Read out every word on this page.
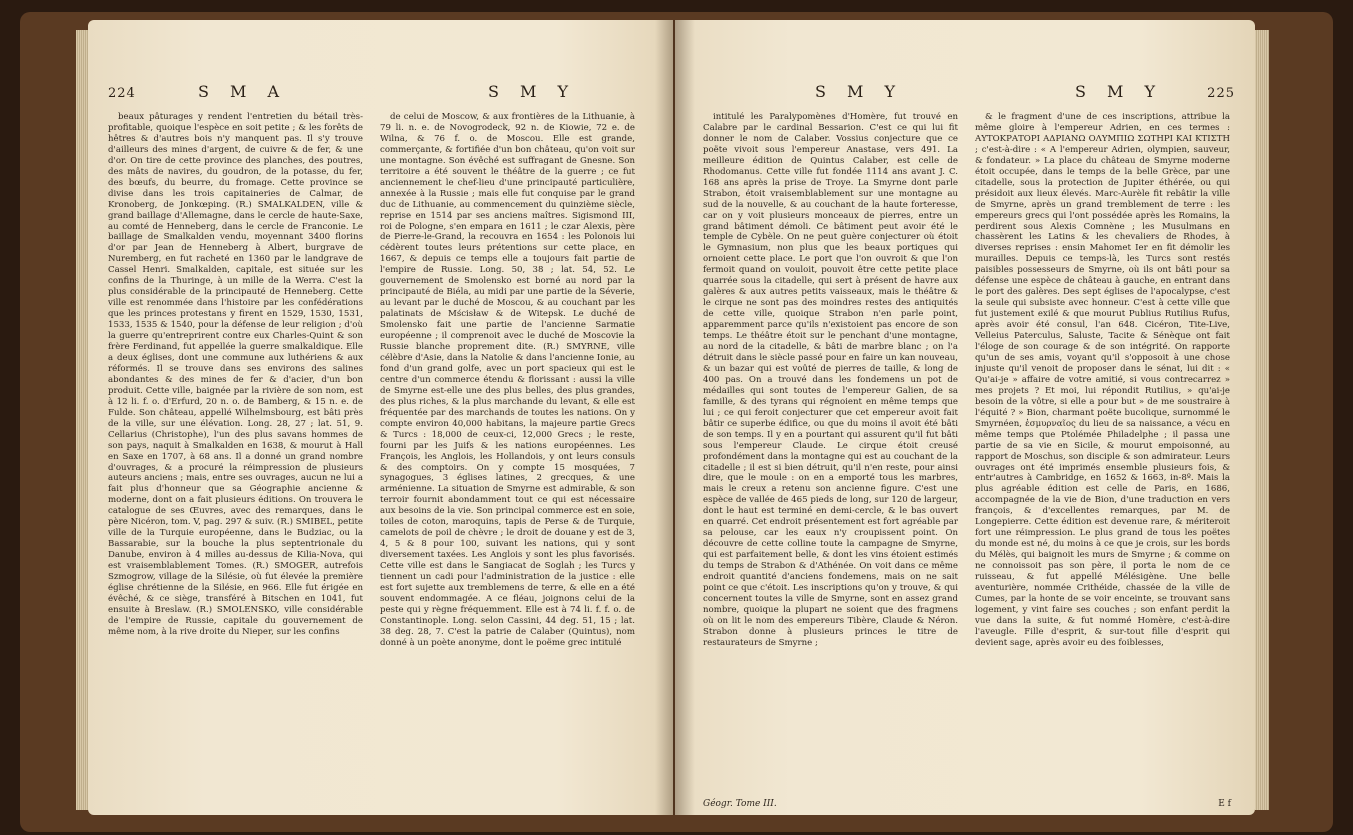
224	S M A	S M Y

beaux pâturages y rendent l'entretien du bétail très-profitable, quoique l'espèce en soit petite ; & les forêts de hêtres & d'autres bois n'y manquent pas. Il s'y trouve d'ailleurs des mines d'argent, de cuivre & de fer, & une d'or. On tire de cette province des planches, des poutres, des mâts de navires, du goudron, de la potasse, du fer, des bœufs, du beurre, du fromage. Cette province se divise dans les trois capitaineries de Calmar, de Kronoberg, de Jonkœping. (R.) SMALKALDEN, ville & grand baillage d'Allemagne, dans le cercle de haute-Saxe, au comté de Henneberg, dans le cercle de Franconie. Le baillage de Smalkalden vendu, moyennant 3400 florins d'or par Jean de Henneberg à Albert, burgrave de Nuremberg, en fut racheté en 1360 par le landgrave de Cassel Henri. Smalkalden, capitale, est située sur les confins de la Thuringe, à un mille de la Werra. C'est la plus considérable de la principauté de Henneberg. Cette ville est renommée dans l'histoire par les confédérations que les princes protestans y firent en 1529, 1530, 1531, 1533, 1535 & 1540, pour la défense de leur religion ; d'où la guerre qu'entreprirent contre eux Charles-Quint & son frère Ferdinand, fut appellée la guerre smalkaldique. Elle a deux églises, dont une commune aux luthériens & aux réformés. Il se trouve dans ses environs des salines abondantes & des mines de fer & d'acier, d'un bon produit. Cette ville, baignée par la rivière de son nom, est à 12 li. f. o. d'Erfurd, 20 n. o. de Bamberg, & 15 n. e. de Fulde. Son château, appellé Wilhelmsbourg, est bâti près de la ville, sur une élévation. Long. 28, 27 ; lat. 51, 9. Cellarius (Christophe), l'un des plus savans hommes de son pays, naquit à Smalkalden en 1638, & mourut à Hall en Saxe en 1707, à 68 ans. Il a donné un grand nombre d'ouvrages, & a procuré la réimpression de plusieurs auteurs anciens ; mais, entre ses ouvrages, aucun ne lui a fait plus d'honneur que sa Géographie ancienne & moderne, dont on a fait plusieurs éditions. On trouvera le catalogue de ses Œuvres, avec des remarques, dans le père Nicéron, tom. V, pag. 297 & suiv. (R.) SMIBEL, petite ville de la Turquie européenne, dans le Budziac, ou la Bassarabie, sur la bouche la plus septentrionale du Danube, environ à 4 milles au-dessus de Kilia-Nova, qui est vraisemblablement Tomes. (R.) SMOGER, autrefois Szmogrow, village de la Silésie, où fut élevée la première église chrétienne de la Silésie, en 966. Elle fut érigée en évêché, & ce siège, transféré à Bitschen en 1041, fut ensuite à Breslaw. (R.) SMOLENSKO, ville considérable de l'empire de Russie, capitale du gouvernement de même nom, à la rive droite du Nieper, sur les confins

de celui de Moscow, & aux frontières de la Lithuanie, à 79 li. n. e. de Novogrodeck, 92 n. de Kiowie, 72 e. de Wilna, & 76 f. o. de Moscou. Elle est grande, commerçante, & fortifiée d'un bon château, qu'on voit sur une montagne. Son évêché est suffragant de Gnesne. Son territoire a été souvent le théâtre de la guerre ; ce fut anciennement le chef-lieu d'une principauté particulière, annexée à la Russie ; mais elle fut conquise par le grand duc de Lithuanie, au commencement du quinzième siècle, reprise en 1514 par ses anciens maîtres. Sigismond III, roi de Pologne, s'en empara en 1611 ; le czar Alexis, père de Pierre-le-Grand, la recouvra en 1654 : les Polonois lui cédèrent toutes leurs prétentions sur cette place, en 1667, & depuis ce temps elle a toujours fait partie de l'empire de Russie. Long. 50, 38 ; lat. 54, 52. Le gouvernement de Smolensko est borné au nord par la principauté de Biéla, au midi par une partie de la Séverie, au levant par le duché de Moscou, & au couchant par les palatinats de Mścisław & de Witepsk. Le duché de Smolensko fait une partie de l'ancienne Sarmatie européenne ; il comprenoit avec le duché de Moscovie la Russie blanche proprement dite. (R.) SMYRNE, ville célèbre d'Asie, dans la Natolie & dans l'ancienne Ionie, au fond d'un grand golfe, avec un port spacieux qui est le centre d'un commerce étendu & florissant : aussi la ville de Smyrne est-elle une des plus belles, des plus grandes, des plus riches, & la plus marchande du levant, & elle est fréquentée par des marchands de toutes les nations. On y compte environ 40,000 habitans, la majeure partie Grecs & Turcs : 18,000 de ceux-ci, 12,000 Grecs ; le reste, fourni par les Juifs & les nations européennes. Les François, les Anglois, les Hollandois, y ont leurs consuls & des comptoirs. On y compte 15 mosquées, 7 synagogues, 3 églises latines, 2 grecques, & une arménienne. La situation de Smyrne est admirable, & son terroir fournit abondamment tout ce qui est nécessaire aux besoins de la vie. Son principal commerce est en soie, toiles de coton, maroquins, tapis de Perse & de Turquie, camelots de poil de chèvre ; le droit de douane y est de 3, 4, 5 & 8 pour 100, suivant les nations, qui y sont diversement taxées. Les Anglois y sont les plus favorisés. Cette ville est dans le Sangiacat de Soglah ; les Turcs y tiennent un cadi pour l'administration de la justice : elle est fort sujette aux tremblemens de terre, & elle en a été souvent endommagée. A ce fléau, joignons celui de la peste qui y règne fréquemment. Elle est à 74 li. f. f. o. de Constantinople. Long. selon Cassini, 44 deg. 51, 15 ; lat. 38 deg. 28, 7. C'est la patrie de Calaber (Quintus), nom donné à un poète anonyme, dont le poëme grec intitulé

S M Y	S M Y	225

intitulé les Paralypomènes d'Homère, fut trouvé en Calabre par le cardinal Bessarion. C'est ce qui lui fit donner le nom de Calaber. Vossius conjecture que ce poëte vivoit sous l'empereur Anastase, vers 491. La meilleure édition de Quintus Calaber, est celle de Rhodomanus. Cette ville fut fondée 1114 ans avant J. C. 168 ans après la prise de Troye. La Smyrne dont parle Strabon, étoit vraisemblablement sur une montagne au sud de la nouvelle, & au couchant de la haute forteresse, car on y voit plusieurs monceaux de pierres, entre un grand bâtiment démoli. Ce bâtiment peut avoir été le temple de Cybèle. On ne peut guère conjecturer où étoit le Gymnasium, non plus que les beaux portiques qui ornoient cette place. Le port que l'on ouvroit & que l'on fermoit quand on vouloit, pouvoit être cette petite place quarrée sous la citadelle, qui sert à présent de havre aux galères & aux autres petits vaisseaux, mais le théâtre & le cirque ne sont pas des moindres restes des antiquités de cette ville, quoique Strabon n'en parle point, apparemment parce qu'ils n'existoient pas encore de son temps. Le théâtre étoit sur le penchant d'une montagne, au nord de la citadelle, & bâti de marbre blanc ; on l'a détruit dans le siècle passé pour en faire un kan nouveau, & un bazar qui est voûté de pierres de taille, & long de 400 pas. On a trouvé dans les fondemens un pot de médailles qui sont toutes de l'empereur Galien, de sa famille, & des tyrans qui régnoient en même temps que lui ; ce qui feroit conjecturer que cet empereur avoit fait bâtir ce superbe édifice, ou que du moins il avoit été bâti de son temps. Il y en a pourtant qui assurent qu'il fut bâti sous l'empereur Claude. Le cirque étoit creusé profondément dans la montagne qui est au couchant de la citadelle ; il est si bien détruit, qu'il n'en reste, pour ainsi dire, que le moule : on en a emporté tous les marbres, mais le creux a retenu son ancienne figure. C'est une espèce de vallée de 465 pieds de long, sur 120 de largeur, dont le haut est terminé en demi-cercle, & le bas ouvert en quarré. Cet endroit présentement est fort agréable par sa pelouse, car les eaux n'y croupissent point. On découvre de cette colline toute la campagne de Smyrne, qui est parfaitement belle, & dont les vins étoient estimés du temps de Strabon & d'Athénée. On voit dans ce même endroit quantité d'anciens fondemens, mais on ne sait point ce que c'étoit. Les inscriptions qu'on y trouve, & qui concernent toutes la ville de Smyrne, sont en assez grand nombre, quoique la plupart ne soient que des fragmens où on lit le nom des empereurs Tibère, Claude & Néron. Strabon donne à plusieurs princes le titre de restaurateurs de Smyrne ;

& le fragment d'une de ces inscriptions, attribue la même gloire à l'empereur Adrien, en ces termes : ΑΥΤΟΚΡΑΤΟΡΙ ΑΔΡΙΑΝΩ ΟΛΥΜΠΙΩ ΣΩΤΗΡΙ ΚΑΙ ΚΤΙΣΤΗ ; c'est-à-dire : « A l'empereur Adrien, olympien, sauveur, & fondateur. » La place du château de Smyrne moderne étoit occupée, dans le temps de la belle Grèce, par une citadelle, sous la protection de Jupiter éthérée, ou qui présidoit aux lieux élevés. Marc-Aurèle fit rebâtir la ville de Smyrne, après un grand tremblement de terre : les empereurs grecs qui l'ont possédée après les Romains, la perdirent sous Alexis Comnène ; les Musulmans en chassèrent les Latins & les chevaliers de Rhodes, à diverses reprises : ensin Mahomet Ier en fit démolir les murailles. Depuis ce temps-là, les Turcs sont restés paisibles possesseurs de Smyrne, où ils ont bâti pour sa défense une espèce de château à gauche, en entrant dans le port des galères. Des sept églises de l'apocalypse, c'est la seule qui subsiste avec honneur. C'est à cette ville que fut justement exilé & que mourut Publius Rutilius Rufus, après avoir été consul, l'an 648. Cicéron, Tite-Live, Velleius Paterculus, Saluste, Tacite & Sénèque ont fait l'éloge de son courage & de son intégrité. On rapporte qu'un de ses amis, voyant qu'il s'opposoit à une chose injuste qu'il venoit de proposer dans le sénat, lui dit : « Qu'ai-je » affaire de votre amitié, si vous contrecarrez » mes projets ? Et moi, lui répondit Rutilius, » qu'ai-je besoin de la vôtre, si elle a pour but » de me soustraire à l'équité ? » Bion, charmant poëte bucolique, surnommé le Smyrnéen, ἐσμυρναῖος du lieu de sa naissance, a vécu en même temps que Ptolémée Philadelphe ; il passa une partie de sa vie en Sicile, & mourut empoisonné, au rapport de Moschus, son disciple & son admirateur. Leurs ouvrages ont été imprimés ensemble plusieurs fois, & entr'autres à Cambridge, en 1652 & 1663, in-8º. Mais la plus agréable édition est celle de Paris, en 1686, accompagnée de la vie de Bion, d'une traduction en vers françois, & d'excellentes remarques, par M. de Longepierre. Cette édition est devenue rare, & mériteroit fort une réimpression. Le plus grand de tous les poëtes du monde est né, du moins à ce que je crois, sur les bords du Mélès, qui baignoit les murs de Smyrne ; & comme on ne connoissoit pas son père, il porta le nom de ce ruisseau, & fut appellé Mélésigène. Une belle aventurière, nommée Crithéide, chassée de la ville de Cumes, par la honte de se voir enceinte, se trouvant sans logement, y vint faire ses couches ; son enfant perdit la vue dans la suite, & fut nommé Homère, c'est-à-dire l'aveugle. Fille d'esprit, & sur-tout fille d'esprit qui devient sage, après avoir eu des foiblesses,

Géogr. Tome III.	E f
